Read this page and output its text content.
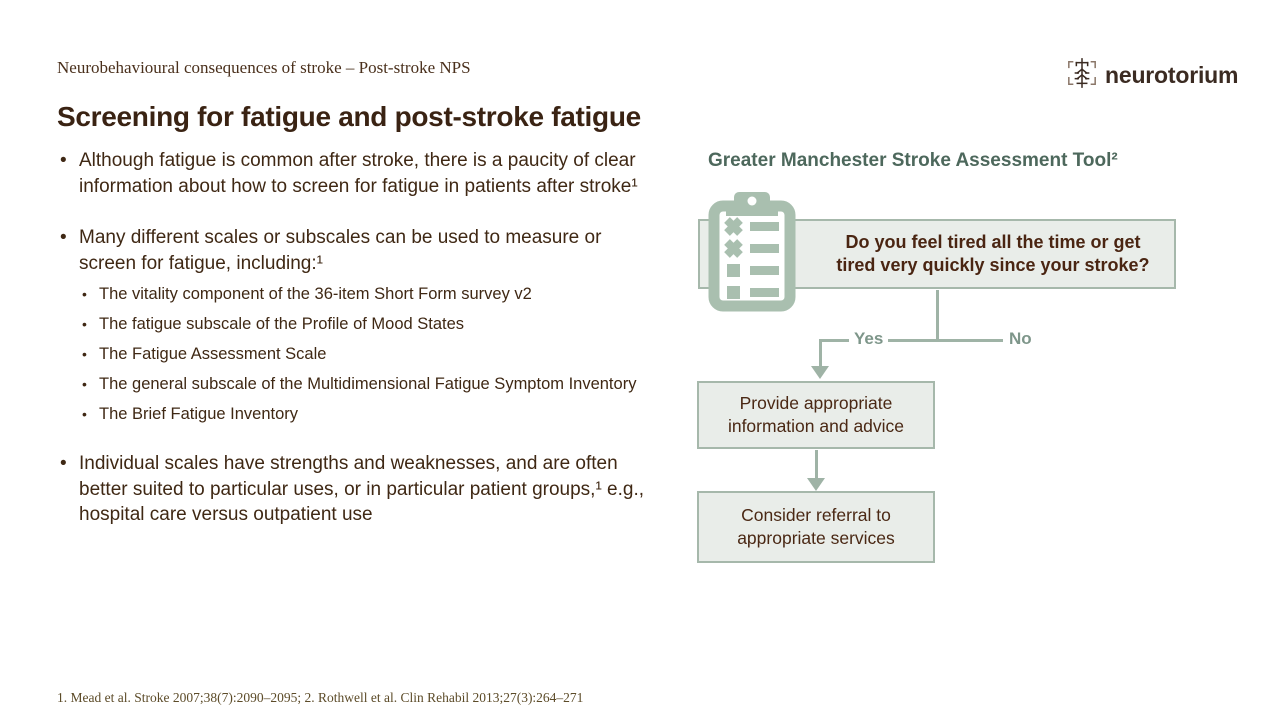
Neurobehavioural consequences of stroke – Post-stroke NPS
Screening for fatigue and post-stroke fatigue
neurotorium
• Although fatigue is common after stroke, there is a paucity of clear information about how to screen for fatigue in patients after stroke¹
• Many different scales or subscales can be used to measure or screen for fatigue, including:¹
• The vitality component of the 36-item Short Form survey v2
• The fatigue subscale of the Profile of Mood States
• The Fatigue Assessment Scale
• The general subscale of the Multidimensional Fatigue Symptom Inventory
• The Brief Fatigue Inventory
• Individual scales have strengths and weaknesses, and are often better suited to particular uses, or in particular patient groups,¹ e.g., hospital care versus outpatient use
Greater Manchester Stroke Assessment Tool²
Yes	No
Do you feel tired all the time or get tired very quickly since your stroke?
Provide appropriate information and advice
Consider referral to appropriate services
1. Mead et al. Stroke 2007;38(7):2090–2095; 2. Rothwell et al. Clin Rehabil 2013;27(3):264–271
